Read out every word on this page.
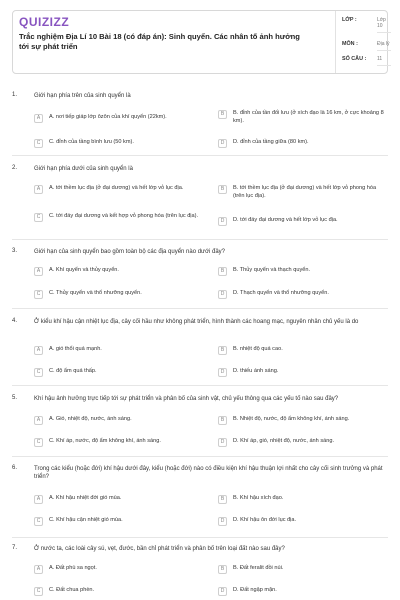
QUIZIZZ
Trắc nghiệm Địa Lí 10 Bài 18 (có đáp án): Sinh quyển. Các nhân tố ảnh hưởng tới sự phát triển
LỚP :	Lớp 10
MÔN :	Địa lý
SỐ CÂU : 11
1.	Giới hạn phía trên của sinh quyển là
A	A. nơi tiếp giáp lớp ôzôn của khí quyển (22km).	B	B. đỉnh của tần đối lưu (ở xích đạo là 16 km, ở cực khoảng 8 km).
C	C. đỉnh của tầng bình lưu (50 km).	D	D. đỉnh của tầng giữa (80 km).
2.	Giới hạn phía dưới của sinh quyển là
A	A. tới thềm lục địa (ở đại dương) và hết lớp vỏ lục địa.	B	B. tới thềm lục địa (ở đại dương) và hết lớp vỏ phong hóa (trên lục địa).
C	C. tới đáy đại dương và kết hợp vỏ phong hóa (trên lục địa).
D	D. tới đáy đại dương và hết lớp vỏ lục địa.
3.	Giới hạn của sinh quyển bao gồm toàn bộ các địa quyển nào dưới đây?
A	A. Khí quyển và thủy quyển.	B	B. Thủy quyển và thạch quyển.
C	C. Thủy quyển và thổ nhưỡng quyển.	D	D. Thạch quyển và thổ nhưỡng quyển.
4.	Ở kiểu khí hậu cận nhiệt lục địa, cây cối hầu như không phát triển, hình thành các hoang mạc, nguyên nhân chủ yếu là do
A	A. gió thổi quá mạnh.	B	B. nhiệt độ quá cao.
C	C. độ ẩm quá thấp.	D	D. thiếu ánh sáng.
5.	Khí hậu ảnh hưởng trực tiếp tới sự phát triển và phân bố của sinh vật, chủ yếu thông qua các yếu tố nào sau đây?
A	A. Gió, nhiệt độ, nước, ánh sáng.	B	B. Nhiệt độ, nước, độ ẩm không khí, ánh sáng.
C	C. Khí áp, nước, độ ẩm không khí, ánh sáng.	D	D. Khí áp, gió, nhiệt độ, nước, ánh sáng.
6.	Trong các kiểu (hoặc đới) khí hậu dưới đây, kiểu (hoặc đới) nào có điều kiện khí hậu thuận lợi nhất cho cây cối sinh trưởng và phát triển?
A	A. Khí hậu nhiệt đới gió mùa.	B	B. Khí hậu xích đạo.
C	C. Khí hậu cận nhiệt gió mùa.	D	D. Khí hậu ôn đới lục địa.
7.	Ở nước ta, các loài cây sú, vẹt, đước, bần chỉ phát triển và phân bố trên loại đất nào sau đây?
A	A. Đất phù sa ngọt.	B	B. Đất feralit đồi núi.
C	C. Đất chua phèn.	D	D. Đất ngập mặn.
